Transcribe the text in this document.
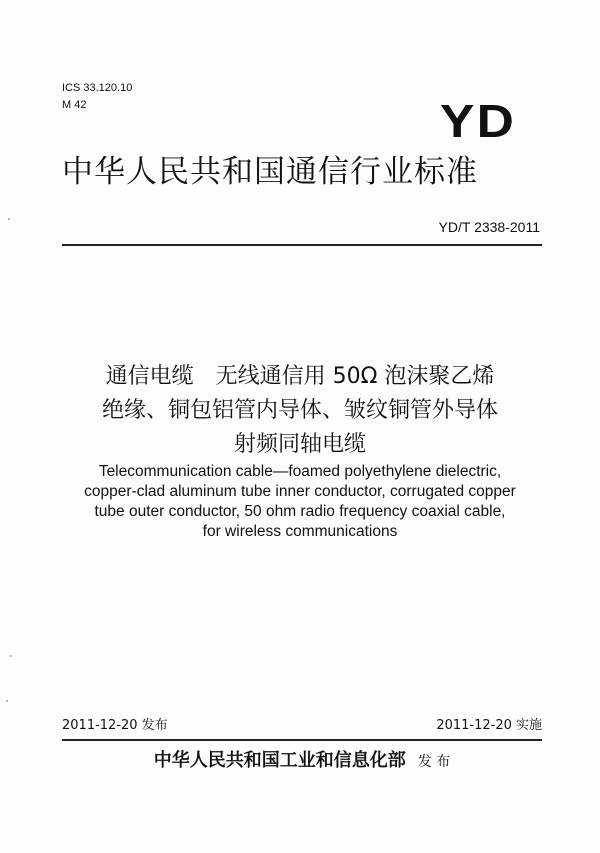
ICS 33.120.10
M 42	YD
中华人民共和国通信行业标准
YD/T 2338-2011
通信电缆　无线通信用 50Ω 泡沫聚乙烯
绝缘、铜包铝管内导体、皱纹铜管外导体
射频同轴电缆
Telecommunication cable—foamed polyethylene dielectric,
copper-clad aluminum tube inner conductor, corrugated copper
tube outer conductor, 50 ohm radio frequency coaxial cable,
for wireless communications
2011-12-20 发布	2011-12-20 实施
中华人民共和国工业和信息化部 发 布
